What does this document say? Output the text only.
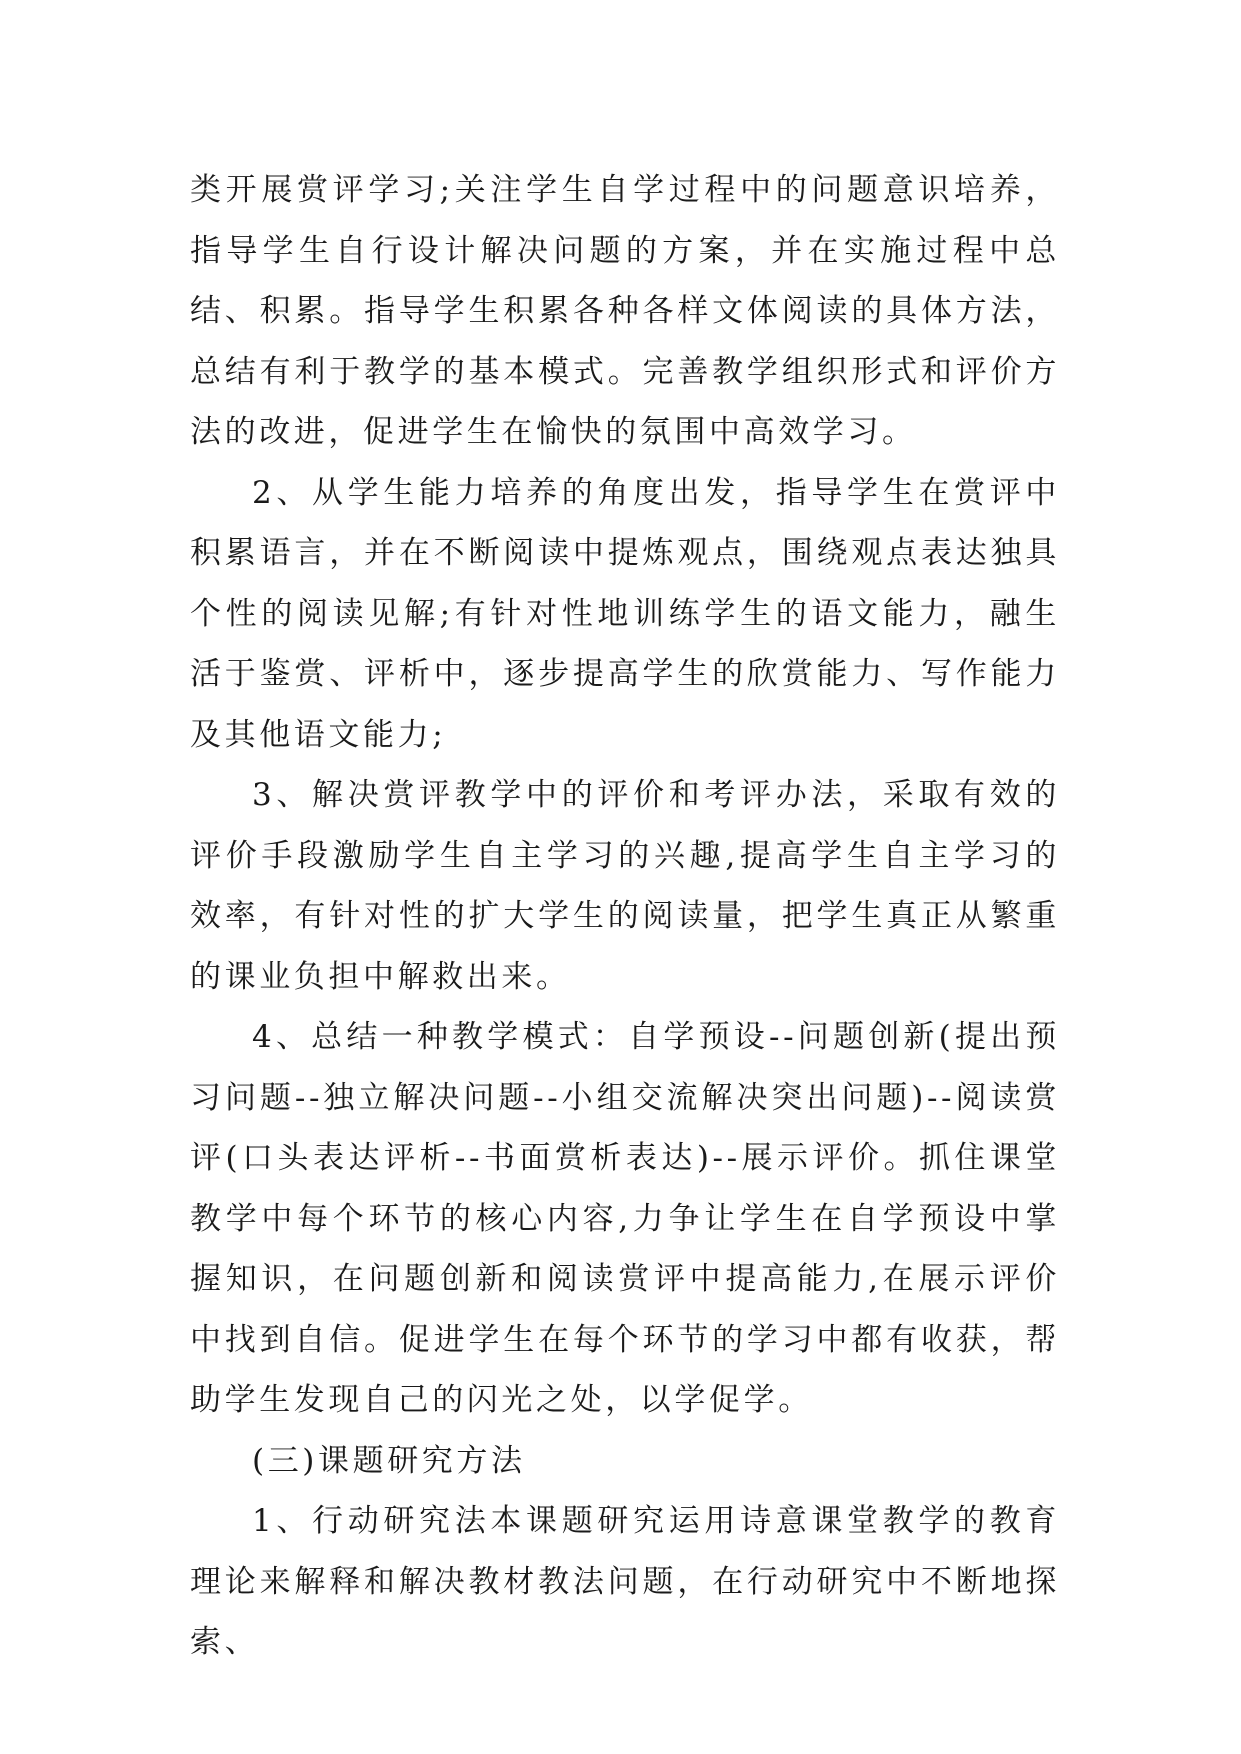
类开展赏评学习;关注学生自学过程中的问题意识培养，指导学生自行设计解决问题的方案，并在实施过程中总结、积累。指导学生积累各种各样文体阅读的具体方法，总结有利于教学的基本模式。完善教学组织形式和评价方法的改进，促进学生在愉快的氛围中高效学习。

2、从学生能力培养的角度出发，指导学生在赏评中积累语言，并在不断阅读中提炼观点，围绕观点表达独具个性的阅读见解;有针对性地训练学生的语文能力，融生活于鉴赏、评析中，逐步提高学生的欣赏能力、写作能力及其他语文能力;

3、解决赏评教学中的评价和考评办法，采取有效的评价手段激励学生自主学习的兴趣,提高学生自主学习的效率，有针对性的扩大学生的阅读量，把学生真正从繁重的课业负担中解救出来。

4、总结一种教学模式：自学预设--问题创新(提出预习问题--独立解决问题--小组交流解决突出问题)--阅读赏评(口头表达评析--书面赏析表达)--展示评价。抓住课堂教学中每个环节的核心内容,力争让学生在自学预设中掌握知识，在问题创新和阅读赏评中提高能力,在展示评价中找到自信。促进学生在每个环节的学习中都有收获，帮助学生发现自己的闪光之处，以学促学。

(三)课题研究方法

1、行动研究法本课题研究运用诗意课堂教学的教育理论来解释和解决教材教法问题，在行动研究中不断地探索、
